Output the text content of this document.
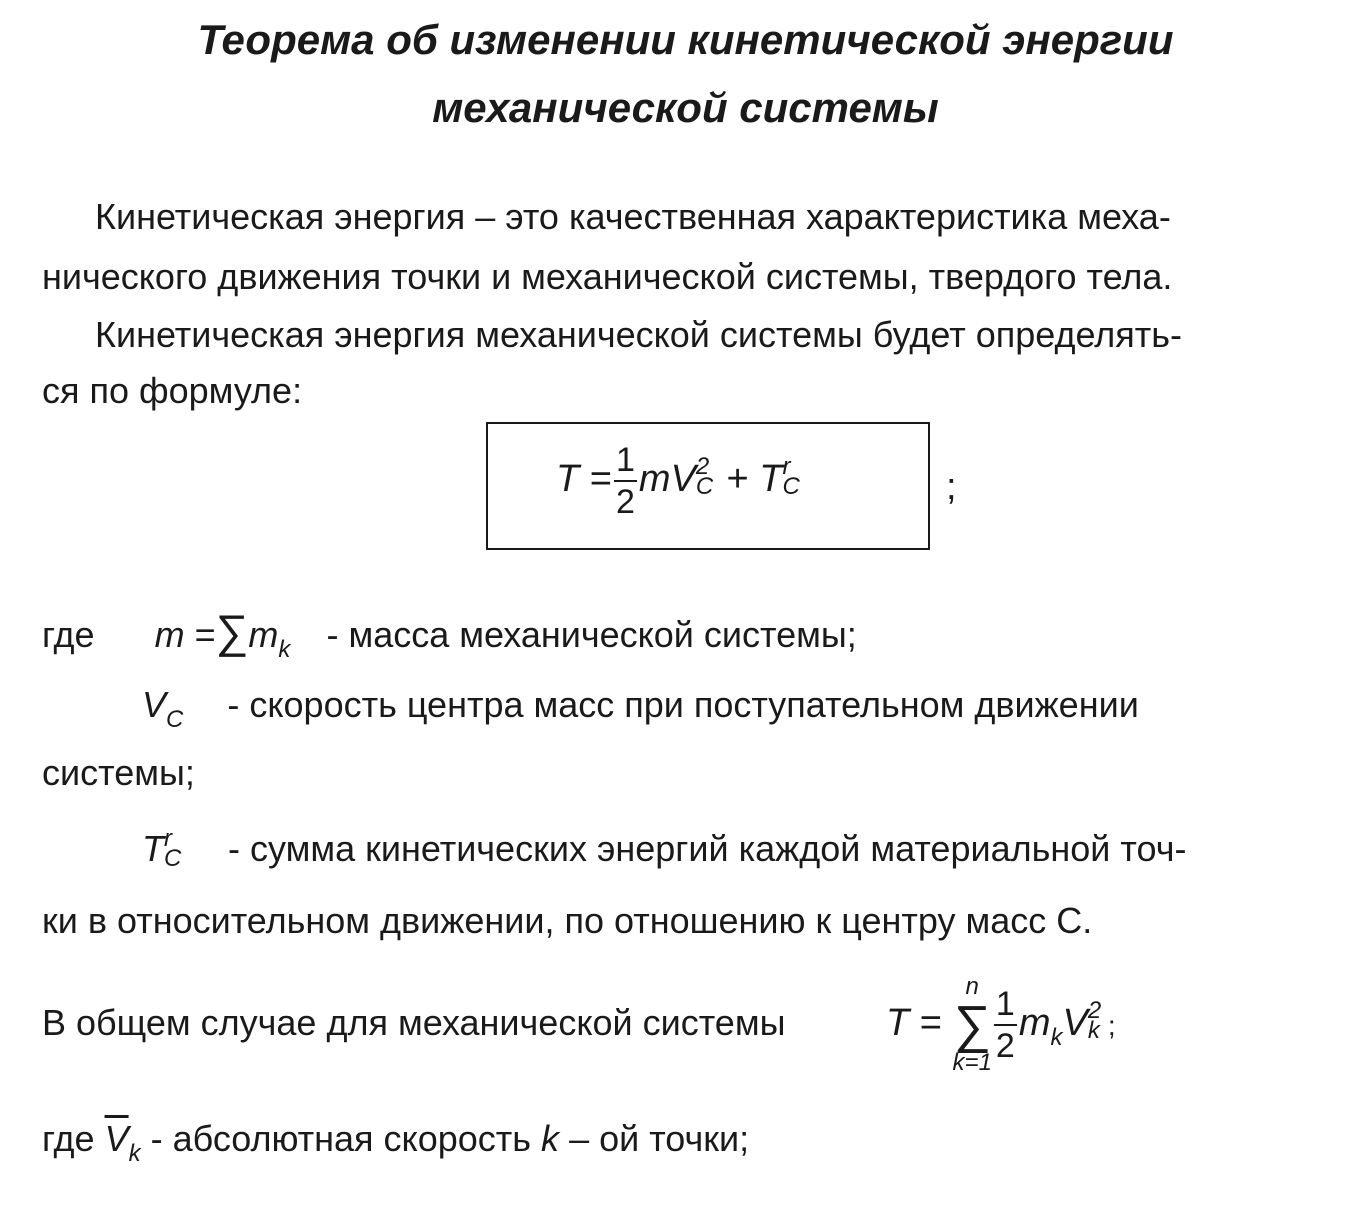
Теорема об изменении кинетической энергии
механической системы
Кинетическая энергия – это качественная характеристика меха-
нического движения точки и механической системы, твердого тела.
Кинетическая энергия механической системы будет определять-
ся по формуле:
$T = \frac{1}{2}$ mV 2
C + T r
C	;
где $m =\sum m_k$ - масса механической системы;
$V_C$ - скорость центра масс при поступательном движении
системы;
T r
C - сумма кинетических энергий каждой материальной точ-
ки в относительном движении, по отношению к центру масс C.
В общем случае для механической системы	T =
n
∑
$k=1 \frac{1}{2} m_kV$ 2
k ;
где $\overline{V}_k$ - абсолютная скорость k – ой точки;
